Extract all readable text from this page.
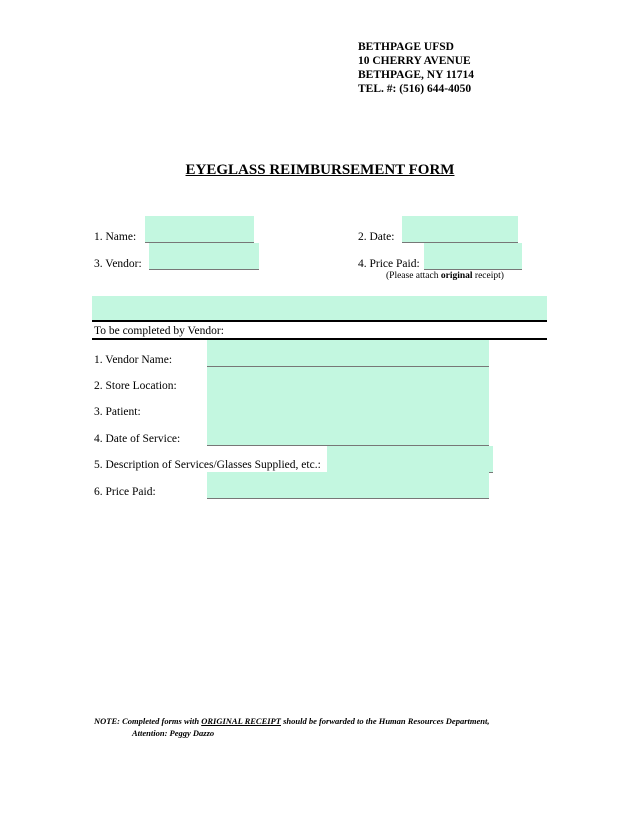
BETHPAGE UFSD
10 CHERRY AVENUE
BETHPAGE, NY 11714
TEL. #: (516) 644-4050
EYEGLASS REIMBURSEMENT FORM
1. Name:	2. Date:
3. Vendor:	4. Price Paid:
(Please attach original receipt)
To be completed by Vendor:
1. Vendor Name:
2. Store Location:
3. Patient:
4. Date of Service:
5. Description of Services/Glasses Supplied, etc.:
6. Price Paid:
NOTE: Completed forms with ORIGINAL RECEIPT should be forwarded to the Human Resources Department,
Attention: Peggy Dazzo
